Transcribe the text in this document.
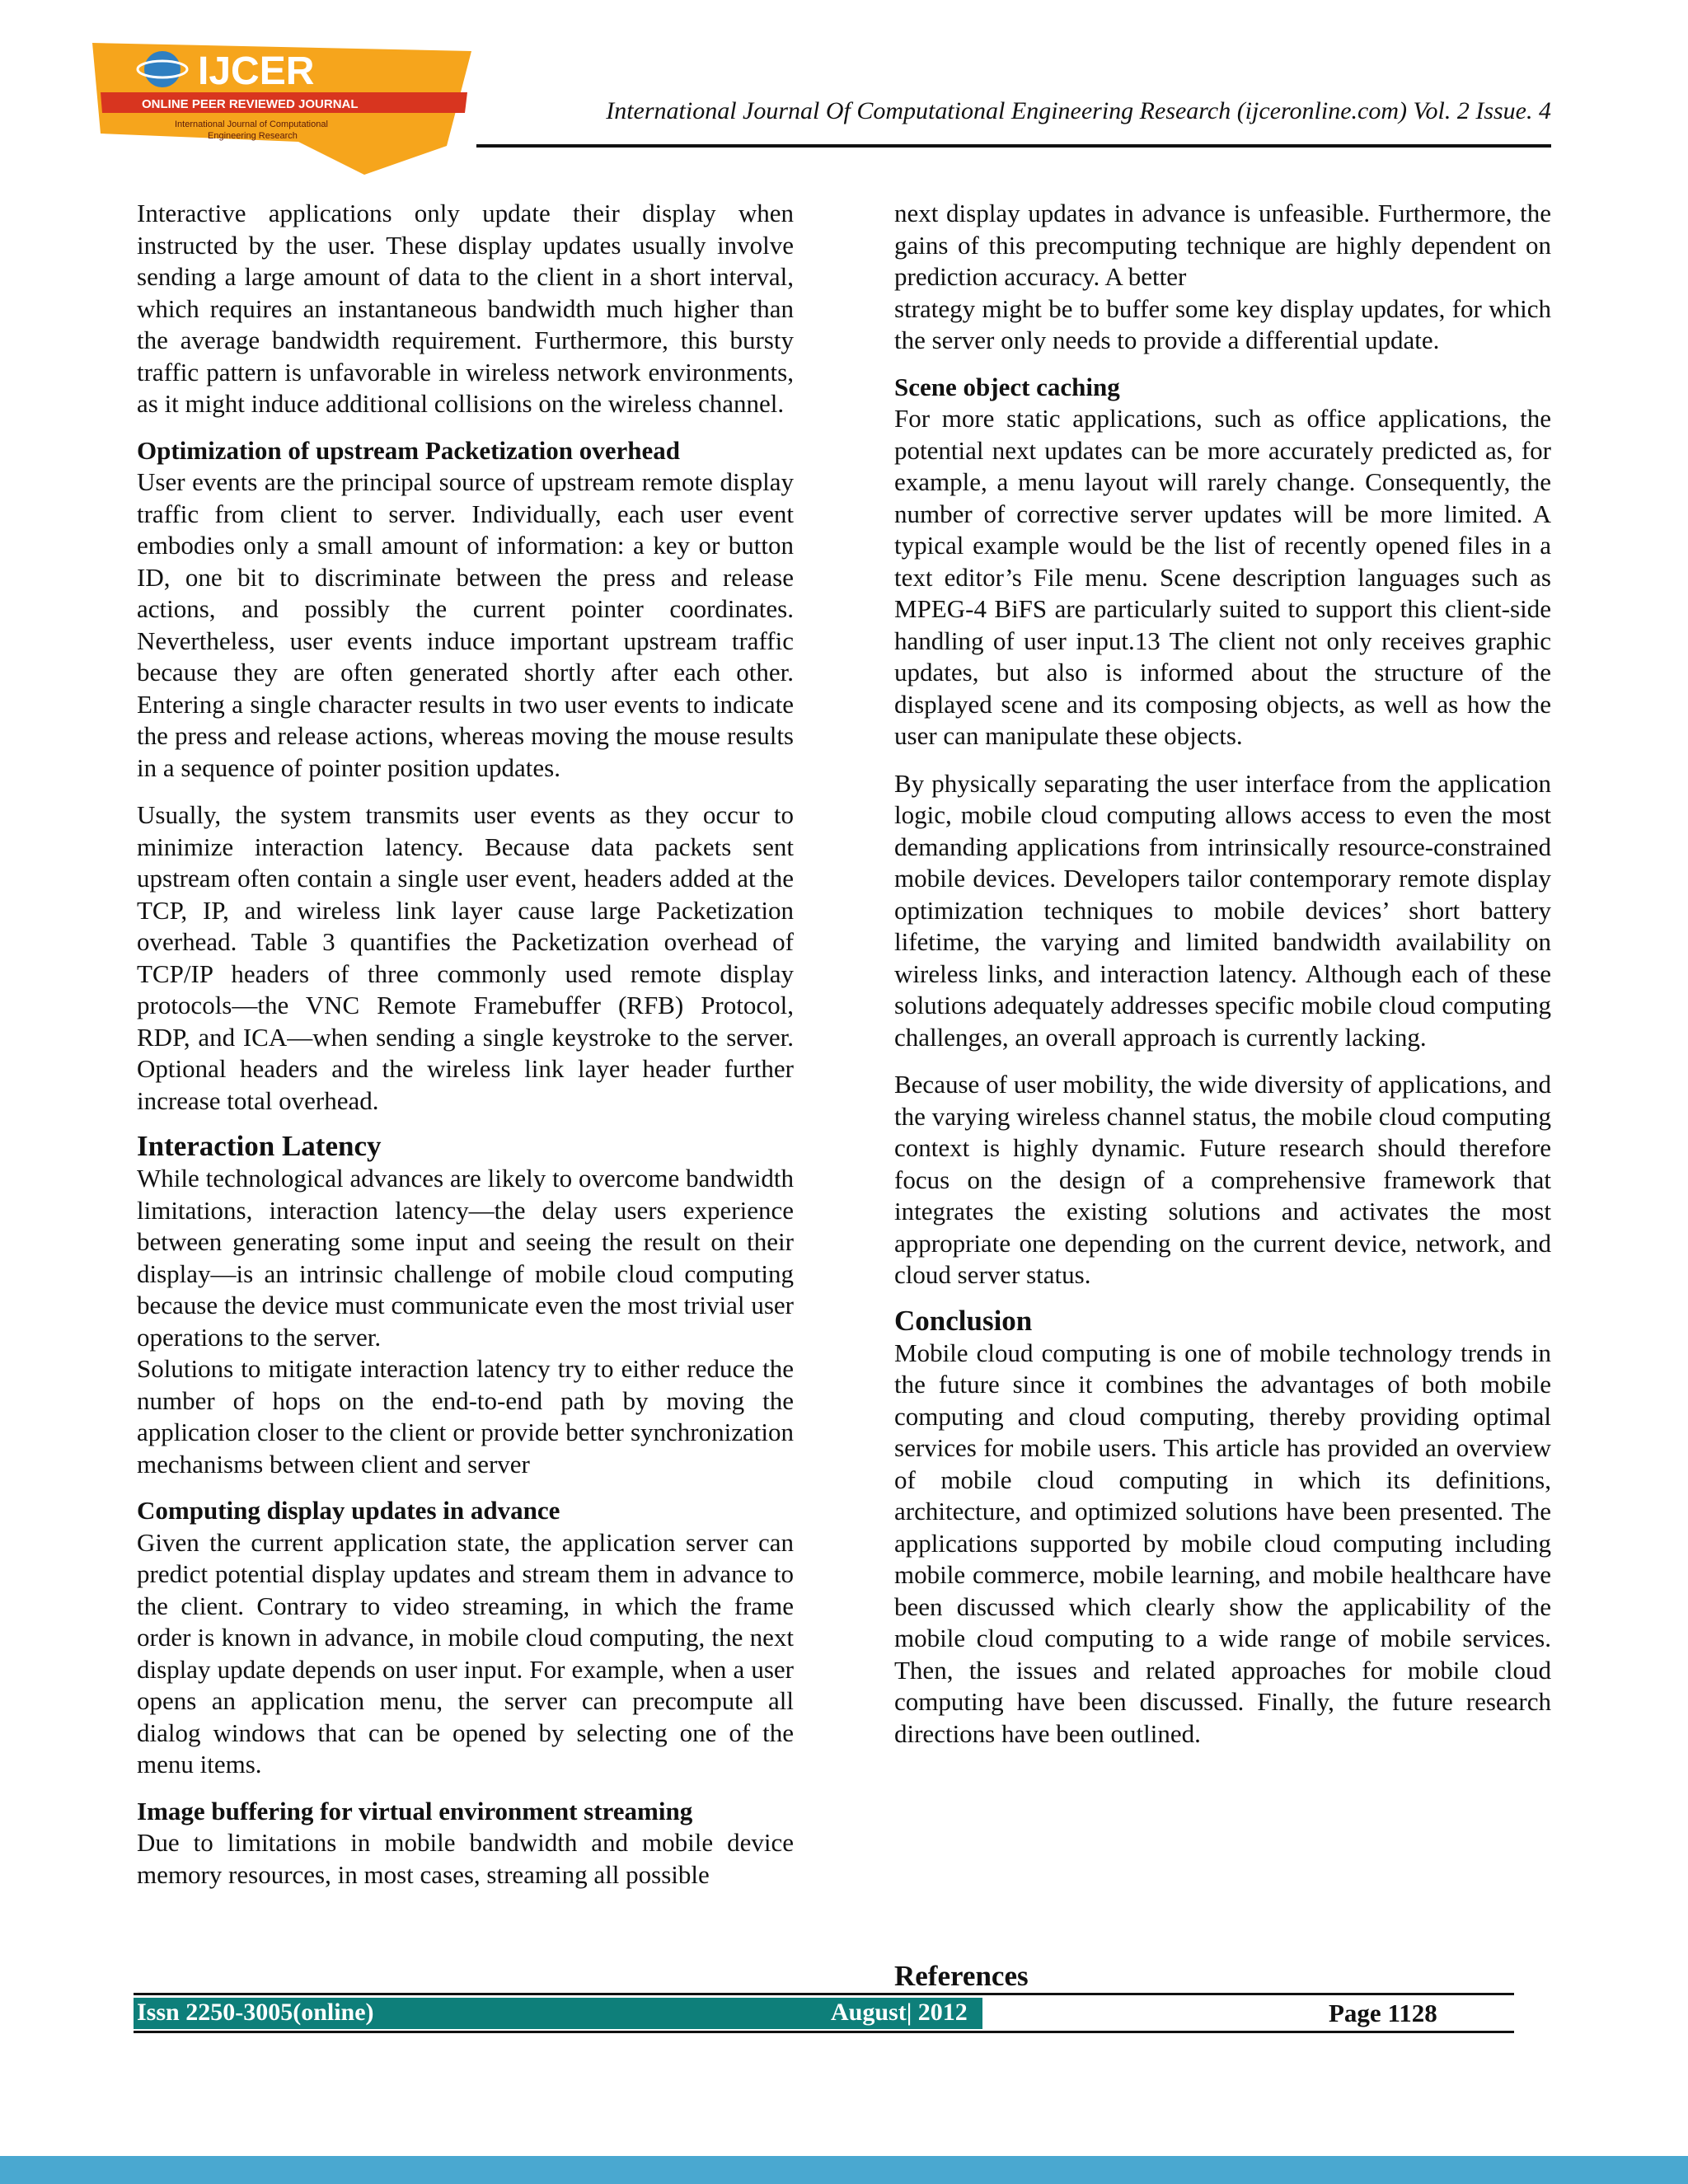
IJCER
ONLINE PEER REVIEWED JOURNAL
International Journal of Computational
Engineering Research
International Journal Of Computational Engineering Research (ijceronline.com) Vol. 2 Issue. 4

Interactive applications only update their display when instructed by the user. These display updates usually involve sending a large amount of data to the client in a short interval, which requires an instantaneous bandwidth much higher than the average bandwidth requirement. Furthermore, this bursty traffic pattern is unfavorable in wireless network environments, as it might induce additional collisions on the wireless channel.

Optimization of upstream Packetization overhead

User events are the principal source of upstream remote display traffic from client to server. Individually, each user event embodies only a small amount of information: a key or button ID, one bit to discriminate between the press and release actions, and possibly the current pointer coordinates. Nevertheless, user events induce important upstream traffic because they are often generated shortly after each other. Entering a single character results in two user events to indicate the press and release actions, whereas moving the mouse results in a sequence of pointer position updates.

Usually, the system transmits user events as they occur to minimize interaction latency. Because data packets sent upstream often contain a single user event, headers added at the TCP, IP, and wireless link layer cause large Packetization overhead. Table 3 quantifies the Packetization overhead of TCP/IP headers of three commonly used remote display protocols—the VNC Remote Framebuffer (RFB) Protocol, RDP, and ICA—when sending a single keystroke to the server. Optional headers and the wireless link layer header further increase total overhead.

Interaction Latency

While technological advances are likely to overcome bandwidth limitations, interaction latency—the delay users experience between generating some input and seeing the result on their display—is an intrinsic challenge of mobile cloud computing because the device must communicate even the most trivial user operations to the server.

Solutions to mitigate interaction latency try to either reduce the number of hops on the end-to-end path by moving the application closer to the client or provide better synchronization mechanisms between client and server

Computing display updates in advance

Given the current application state, the application server can predict potential display updates and stream them in advance to the client. Contrary to video streaming, in which the frame order is known in advance, in mobile cloud computing, the next display update depends on user input. For example, when a user opens an application menu, the server can precompute all dialog windows that can be opened by selecting one of the menu items.

Image buffering for virtual environment streaming

Due to limitations in mobile bandwidth and mobile device memory resources, in most cases, streaming all possible

next display updates in advance is unfeasible. Furthermore, the gains of this precomputing technique are highly dependent on prediction accuracy. A better

strategy might be to buffer some key display updates, for which the server only needs to provide a differential update.

Scene object caching

For more static applications, such as office applications, the potential next updates can be more accurately predicted as, for example, a menu layout will rarely change. Consequently, the number of corrective server updates will be more limited. A typical example would be the list of recently opened files in a text editor’s File menu. Scene description languages such as MPEG-4 BiFS are particularly suited to support this client-side handling of user input.13 The client not only receives graphic updates, but also is informed about the structure of the displayed scene and its composing objects, as well as how the user can manipulate these objects.

By physically separating the user interface from the application logic, mobile cloud computing allows access to even the most demanding applications from intrinsically resource-constrained mobile devices. Developers tailor contemporary remote display optimization techniques to mobile devices’ short battery lifetime, the varying and limited bandwidth availability on wireless links, and interaction latency. Although each of these solutions adequately addresses specific mobile cloud computing challenges, an overall approach is currently lacking.

Because of user mobility, the wide diversity of applications, and the varying wireless channel status, the mobile cloud computing context is highly dynamic. Future research should therefore focus on the design of a comprehensive framework that integrates the existing solutions and activates the most appropriate one depending on the current device, network, and cloud server status.

Conclusion

Mobile cloud computing is one of mobile technology trends in the future since it combines the advantages of both mobile computing and cloud computing, thereby providing optimal services for mobile users. This article has provided an overview of mobile cloud computing in which its definitions, architecture, and optimized solutions have been presented. The applications supported by mobile cloud computing including mobile commerce, mobile learning, and mobile healthcare have been discussed which clearly show the applicability of the mobile cloud computing to a wide range of mobile services. Then, the issues and related approaches for mobile cloud computing have been discussed. Finally, the future research directions have been outlined.

References
Issn 2250-3005(online)	August| 2012	Page 1128
